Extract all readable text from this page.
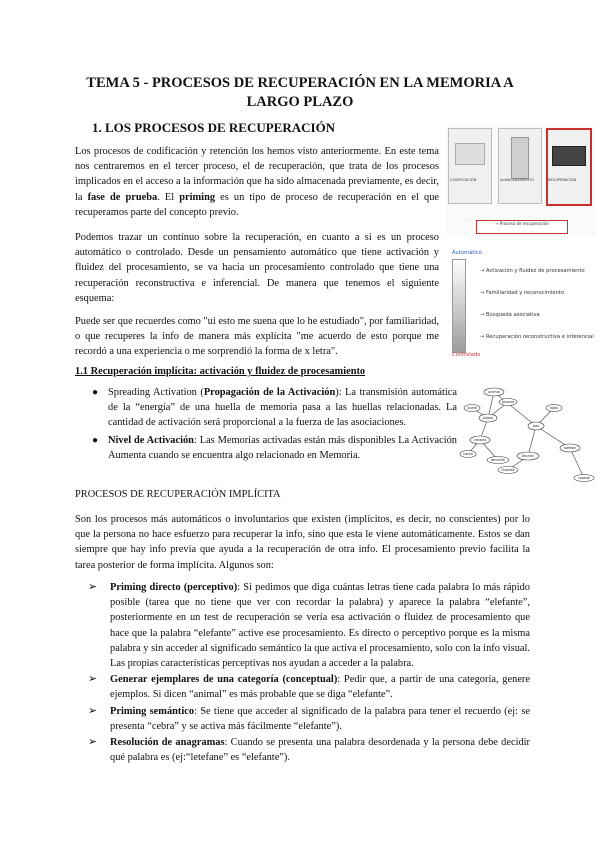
TEMA 5 - PROCESOS DE RECUPERACIÓN EN LA MEMORIA A LARGO PLAZO
1. LOS PROCESOS DE RECUPERACIÓN

Los procesos de codificación y retención los hemos visto anteriormente. En este tema nos centraremos en el tercer proceso, el de recuperación, que trata de los procesos implicados en el acceso a la información que ha sido almacenada previamente, es decir, la fase de prueba. El priming es un tipo de proceso de recuperación en el que recuperamos parte del concepto previo.

Podemos trazar un contínuo sobre la recuperación, en cuanto a si es un proceso automático o controlado. Desde un pensamiento automático que tiene activación y fluidez del procesamiento, se va hacia un procesamiento controlado que tiene una recuperación reconstructiva e inferencial. De manera que tenemos el siguiente esquema:

Puede ser que recuerdes como "ui esto me suena que lo he estudiado", por familiaridad, o que recuperes la info de manera más explícita "me acuerdo de esto porque me recordó a una experiencia o me sorprendió la forma de x letra".

CODIFICACIÓN	ALMACENAMIENTO	RECUPERACIÓN
→ Proceso de recuperación
Automático
Controlado
→ Activación y fluidez de procesamiento
→ Familiaridad y reconocimiento
→ Búsqueda asociativa
→ Recuperación reconstructiva e inferencial
1.1 Recuperación implícita: activación y fluidez de procesamiento
● Spreading Activation (Propagación de la Activación): La transmisión automática de la “energía” de una huella de memoria pasa a las huellas relacionadas. La cantidad de activación será proporcional a la fuerza de las asociaciones.
● Nivel de Activación: Las Memorias activadas están más disponibles La Activación Aumenta cuando se encuentra algo relacionado en Memoria.
animal
pájaro
vuela
plumas
canario
canta
amarillo
pez
nada
tiburón
muerde
salmón
rosado
PROCESOS DE RECUPERACIÓN IMPLÍCITA

Son los procesos más automáticos o involuntarios que existen (implícitos, es decir, no conscientes) por lo que la persona no hace esfuerzo para recuperar la info, sino que esta le viene automáticamente. Estos se dan siempre que hay info previa que ayuda a la recuperación de otra info. El procesamiento previo facilita la tarea posterior de forma implícita. Algunos son:

➢ Priming directo (perceptivo): Si pedimos que diga cuántas letras tiene cada palabra lo más rápido posible (tarea que no tiene que ver con recordar la palabra) y aparece la palabra “elefante”, posteriormente en un test de recuperación se vería esa activación o fluidez de procesamiento que hace que la palabra “elefante” active ese procesamiento. Es directo o perceptivo porque es la misma palabra y sin acceder al significado semántico la que activa el procesamiento, solo con la info visual. Las propias características perceptivas nos ayudan a acceder a la palabra.
➢ Generar ejemplares de una categoría (conceptual): Pedir que, a partir de una categoría, genere ejemplos. Si dicen “animal” es más probable que se diga “elefante”.
➢ Priming semántico: Se tiene que acceder al significado de la palabra para tener el recuerdo (ej: se presenta “cebra” y se activa más fácilmente “elefante”).
➢ Resolución de anagramas: Cuando se presenta una palabra desordenada y la persona debe decidir qué palabra es (ej:“letefane” es “elefante”).
